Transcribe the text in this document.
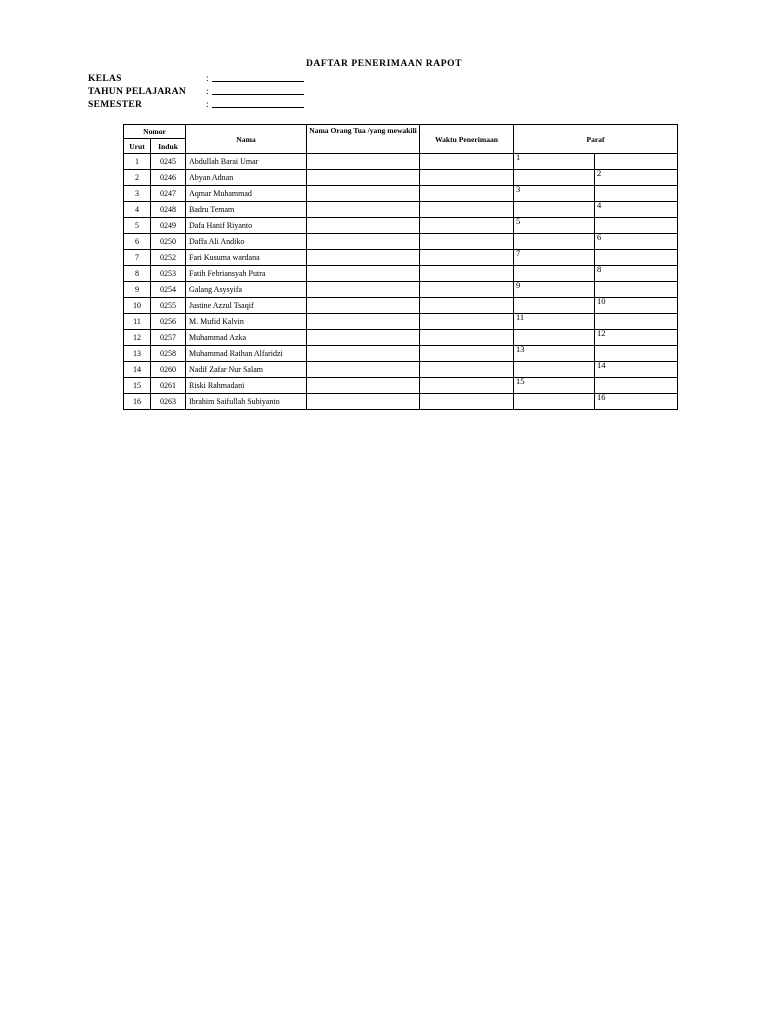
DAFTAR PENERIMAAN RAPOT
KELAS	:
TAHUN PELAJARAN	:
SEMESTER	:
Nomor		Nama	Nama Orang Tua /yang mewakili	Waktu Penerimaan	Paraf	
Urut	Induk					
1	0245	Abdullah Barai Umar			1	

2	0246	Abyan Adnan				2

3	0247	Aqmar Muhammad			3	

4	0248	Badru Temam				4

5	0249	Dafa Hanif Riyanto			5	

6	0250	Daffa Ali Andiko				6

7	0252	Fari Kusuma wardana			7	

8	0253	Fatih Febriansyah Putra				8

9	0254	Galang Asysyifa			9	

10	0255	Justine Azzul Tsaqif				10

11	0256	M. Mufid Kalvin			11	

12	0257	Muhammad Azka				12

13	0258	Muhammad Raihan Alfaridzi			13	

14	0260	Nadif Zafar Nur Salam				14

15	0261	Riski Rahmadani			15	

16	0263	Ibrahim Saifullah Subiyanto				16
